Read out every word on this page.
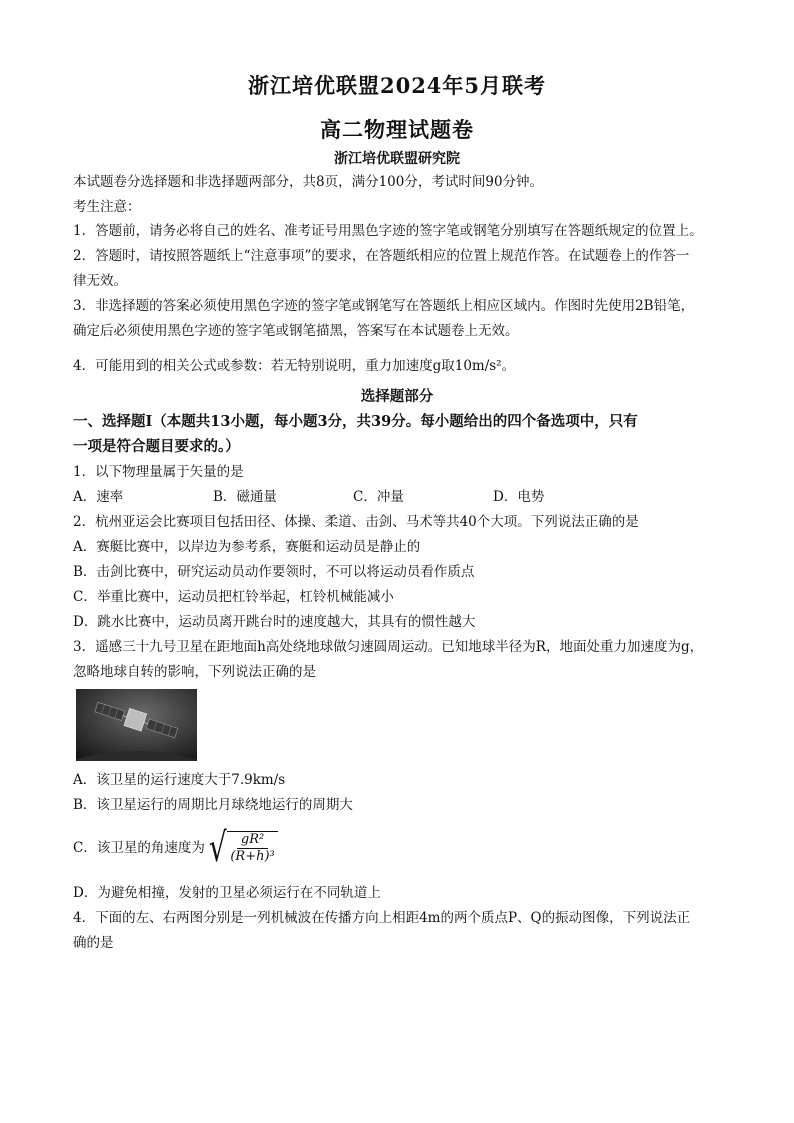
浙江培优联盟2024年5月联考
高二物理试题卷
浙江培优联盟研究院
本试题卷分选择题和非选择题两部分，共8页，满分100分，考试时间90分钟。
考生注意：
1．答题前，请务必将自己的姓名、准考证号用黑色字迹的签字笔或钢笔分别填写在答题纸规定的位置上。
2．答题时，请按照答题纸上“注意事项”的要求，在答题纸相应的位置上规范作答。在试题卷上的作答一
律无效。
3．非选择题的答案必须使用黑色字迹的签字笔或钢笔写在答题纸上相应区域内。作图时先使用2B铅笔，
确定后必须使用黑色字迹的签字笔或钢笔描黑，答案写在本试题卷上无效。
4．可能用到的相关公式或参数：若无特别说明，重力加速度g取10m/s²。
选择题部分
一、选择题Ⅰ（本题共13小题，每小题3分，共39分。每小题给出的四个备选项中，只有
一项是符合题目要求的。）
1．以下物理量属于矢量的是
A．速率	B．磁通量	C．冲量	D．电势
2．杭州亚运会比赛项目包括田径、体操、柔道、击剑、马术等共40个大项。下列说法正确的是
A．赛艇比赛中，以岸边为参考系，赛艇和运动员是静止的
B．击剑比赛中，研究运动员动作要领时，不可以将运动员看作质点
C．举重比赛中，运动员把杠铃举起，杠铃机械能减小
D．跳水比赛中，运动员离开跳台时的速度越大，其具有的惯性越大
3．遥感三十九号卫星在距地面h高处绕地球做匀速圆周运动。已知地球半径为R，地面处重力加速度为g，
忽略地球自转的影响，下列说法正确的是
A．该卫星的运行速度大于7.9km/s
B．该卫星运行的周期比月球绕地运行的周期大
C．该卫星的角速度为 √ $\frac{\text{gR²}}{\text{(R+h)³}}$
D．为避免相撞，发射的卫星必须运行在不同轨道上
4．下面的左、右两图分别是一列机械波在传播方向上相距4m的两个质点P、Q的振动图像，下列说法正
确的是
